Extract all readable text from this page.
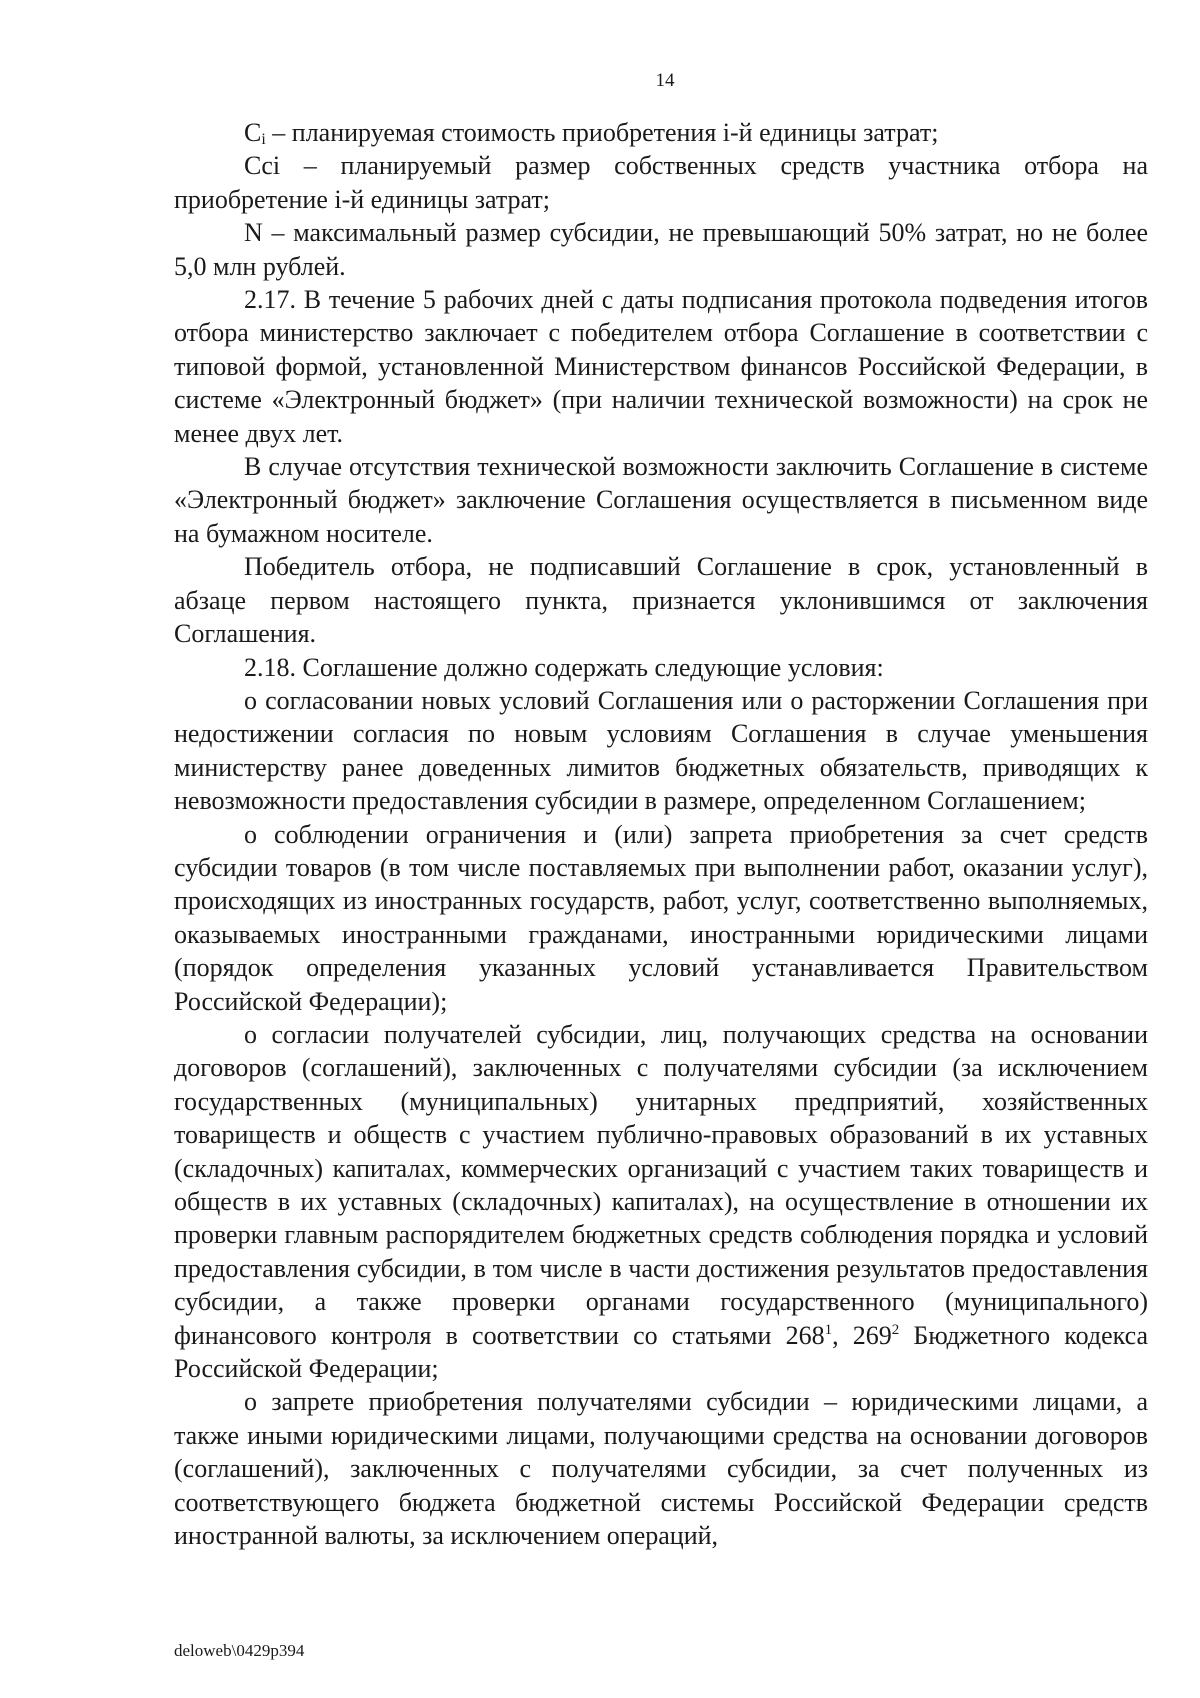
14

Ci – планируемая стоимость приобретения i-й единицы затрат;

Cci – планируемый размер собственных средств участника отбора на приобретение i-й единицы затрат;

N – максимальный размер субсидии, не превышающий 50% затрат, но не более 5,0 млн рублей.

2.17. В течение 5 рабочих дней с даты подписания протокола подведения итогов отбора министерство заключает с победителем отбора Соглашение в соответствии с типовой формой, установленной Министерством финансов Российской Федерации, в системе «Электронный бюджет» (при наличии технической возможности) на срок не менее двух лет.

В случае отсутствия технической возможности заключить Соглашение в системе «Электронный бюджет» заключение Соглашения осуществляется в письменном виде на бумажном носителе.

Победитель отбора, не подписавший Соглашение в срок, установленный в абзаце первом настоящего пункта, признается уклонившимся от заключения Соглашения.

2.18. Соглашение должно содержать следующие условия:

о согласовании новых условий Соглашения или о расторжении Соглашения при недостижении согласия по новым условиям Соглашения в случае уменьшения министерству ранее доведенных лимитов бюджетных обязательств, приводящих к невозможности предоставления субсидии в размере, определенном Соглашением;

о соблюдении ограничения и (или) запрета приобретения за счет средств субсидии товаров (в том числе поставляемых при выполнении работ, оказании услуг), происходящих из иностранных государств, работ, услуг, соответственно выполняемых, оказываемых иностранными гражданами, иностранными юридическими лицами (порядок определения указанных условий устанавливается Правительством Российской Федерации);

о согласии получателей субсидии, лиц, получающих средства на основании договоров (соглашений), заключенных с получателями субсидии (за исключением государственных (муниципальных) унитарных предприятий, хозяйственных товариществ и обществ с участием публично-правовых образований в их уставных (складочных) капиталах, коммерческих организаций с участием таких товариществ и обществ в их уставных (складочных) капиталах), на осуществление в отношении их проверки главным распорядителем бюджетных средств соблюдения порядка и условий предоставления субсидии, в том числе в части достижения результатов предоставления субсидии, а также проверки органами государственного (муниципального) финансового контроля в соответствии со статьями $268^1$, $269^2$ Бюджетного кодекса Российской Федерации;

о запрете приобретения получателями субсидии – юридическими лицами, а также иными юридическими лицами, получающими средства на основании договоров (соглашений), заключенных с получателями субсидии, за счет полученных из соответствующего бюджета бюджетной системы Российской Федерации средств иностранной валюты, за исключением операций,

deloweb\0429p394
